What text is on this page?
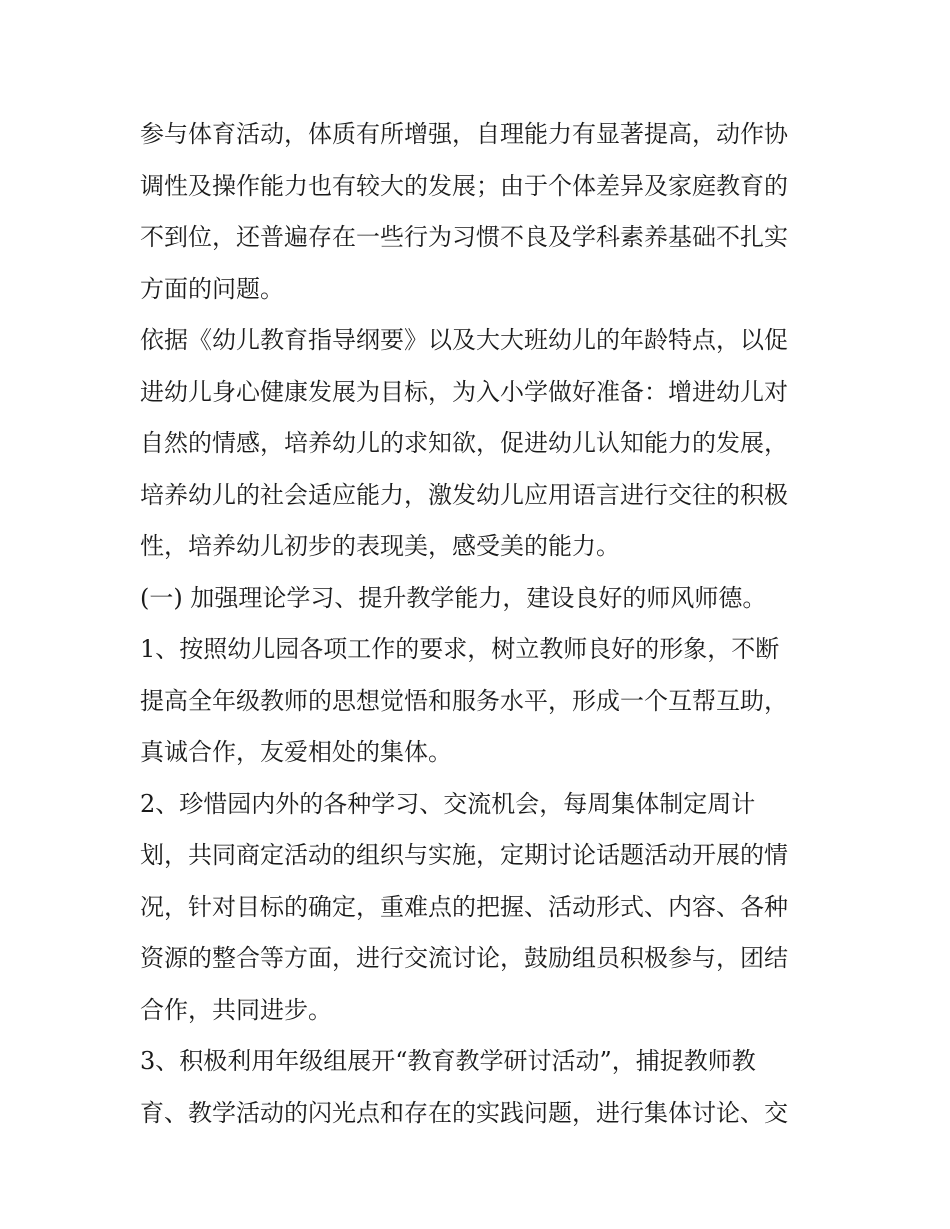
参与体育活动，体质有所增强，自理能力有显著提高，动作协
调性及操作能力也有较大的发展；由于个体差异及家庭教育的
不到位，还普遍存在一些行为习惯不良及学科素养基础不扎实
方面的问题。
依据《幼儿教育指导纲要》以及大大班幼儿的年龄特点，以促
进幼儿身心健康发展为目标，为入小学做好准备：增进幼儿对
自然的情感，培养幼儿的求知欲，促进幼儿认知能力的发展，
培养幼儿的社会适应能力，激发幼儿应用语言进行交往的积极
性，培养幼儿初步的表现美，感受美的能力。
(一) 加强理论学习、提升教学能力，建设良好的师风师德。
1、按照幼儿园各项工作的要求，树立教师良好的形象，不断
提高全年级教师的思想觉悟和服务水平，形成一个互帮互助，
真诚合作，友爱相处的集体。
2、珍惜园内外的各种学习、交流机会，每周集体制定周计
划，共同商定活动的组织与实施，定期讨论话题活动开展的情
况，针对目标的确定，重难点的把握、活动形式、内容、各种
资源的整合等方面，进行交流讨论，鼓励组员积极参与，团结
合作，共同进步。
3、积极利用年级组展开“教育教学研讨活动”，捕捉教师教
育、教学活动的闪光点和存在的实践问题，进行集体讨论、交
